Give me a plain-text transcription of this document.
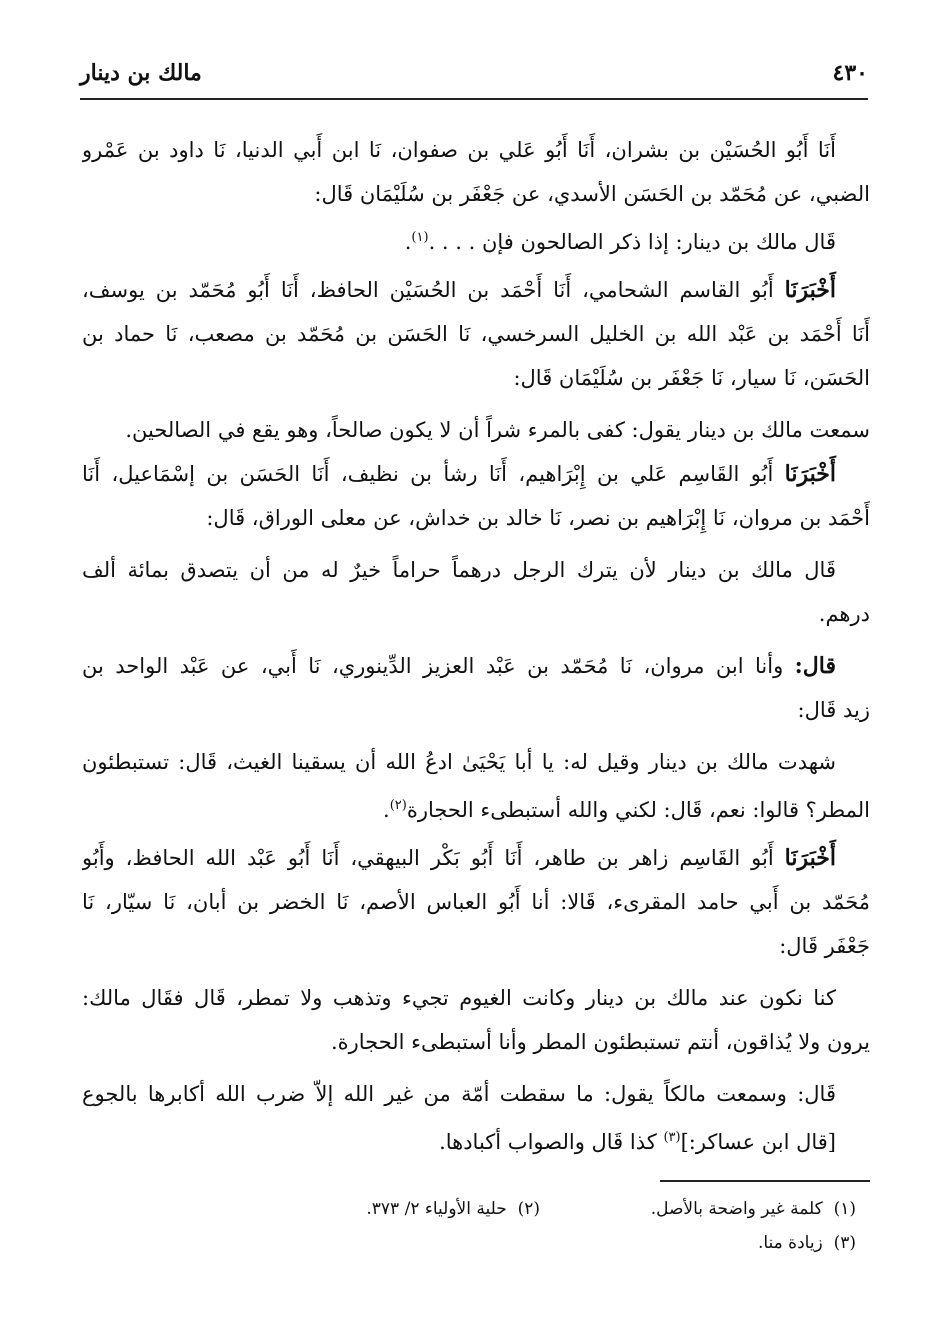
٤٣٠
مالك بن دينار
أَنَا أَبُو الحُسَيْن بن بشران، أَنَا أَبُو عَلي بن صفوان، نَا ابن أَبي الدنيا، نَا داود بن عَمْرو
الضبي، عن مُحَمّد بن الحَسَن الأسدي، عن جَعْفَر بن سُلَيْمَان قَال:
قَال مالك بن دينار: إذا ذكر الصالحون فإن . . . .$^{(١)}$.
أَخْبَرَنَا أَبُو القاسم الشحامي، أَنَا أَحْمَد بن الحُسَيْن الحافظ، أَنَا أَبُو مُحَمّد بن يوسف،
أَنَا أَحْمَد بن عَبْد الله بن الخليل السرخسي، نَا الحَسَن بن مُحَمّد بن مصعب، نَا حماد بن
الحَسَن، نَا سيار، نَا جَعْفَر بن سُلَيْمَان قَال:
سمعت مالك بن دينار يقول: كفى بالمرء شراً أن لا يكون صالحاً، وهو يقع في الصالحين.
أَخْبَرَنَا أَبُو القَاسِم عَلي بن إِبْرَاهيم، أَنَا رشأ بن نظيف، أَنَا الحَسَن بن إسْمَاعيل، أَنَا
أَحْمَد بن مروان، نَا إِبْرَاهيم بن نصر، نَا خالد بن خداش، عن معلى الوراق، قَال:
قَال مالك بن دينار لأن يترك الرجل درهماً حراماً خيرٌ له من أن يتصدق بمائة ألف
درهم.
قال: وأنا ابن مروان، نَا مُحَمّد بن عَبْد العزيز الدِّينوري، نَا أَبي، عن عَبْد الواحد بن
زيد قَال:
شهدت مالك بن دينار وقيل له: يا أبا يَحْيَىٰ ادعُ الله أن يسقينا الغيث، قَال: تستبطئون
المطر؟ قالوا: نعم، قَال: لكني والله أستبطىء الحجارة$^{(٢)}$.
أَخْبَرَنَا أَبُو القَاسِم زاهر بن طاهر، أَنَا أَبُو بَكْر البيهقي، أَنَا أَبُو عَبْد الله الحافظ، وأَبُو
مُحَمّد بن أَبي حامد المقرىء، قَالا: أنا أَبُو العباس الأصم، نَا الخضر بن أبان، نَا سيّار، نَا
جَعْفَر قَال:
كنا نكون عند مالك بن دينار وكانت الغيوم تجيء وتذهب ولا تمطر، قَال فقَال مالك:
يرون ولا يُذاقون، أنتم تستبطئون المطر وأنا أستبطىء الحجارة.
قَال: وسمعت مالكاً يقول: ما سقطت أمّة من غير الله إلاّ ضرب الله أكابرها بالجوع
[قال ابن عساكر:]$^{(٣)}$ كذا قَال والصواب أكبادها.
(١)  كلمة غير واضحة بالأصل.
(٢)  حلية الأولياء ٢/ ٣٧٣.
(٣)  زيادة منا.
